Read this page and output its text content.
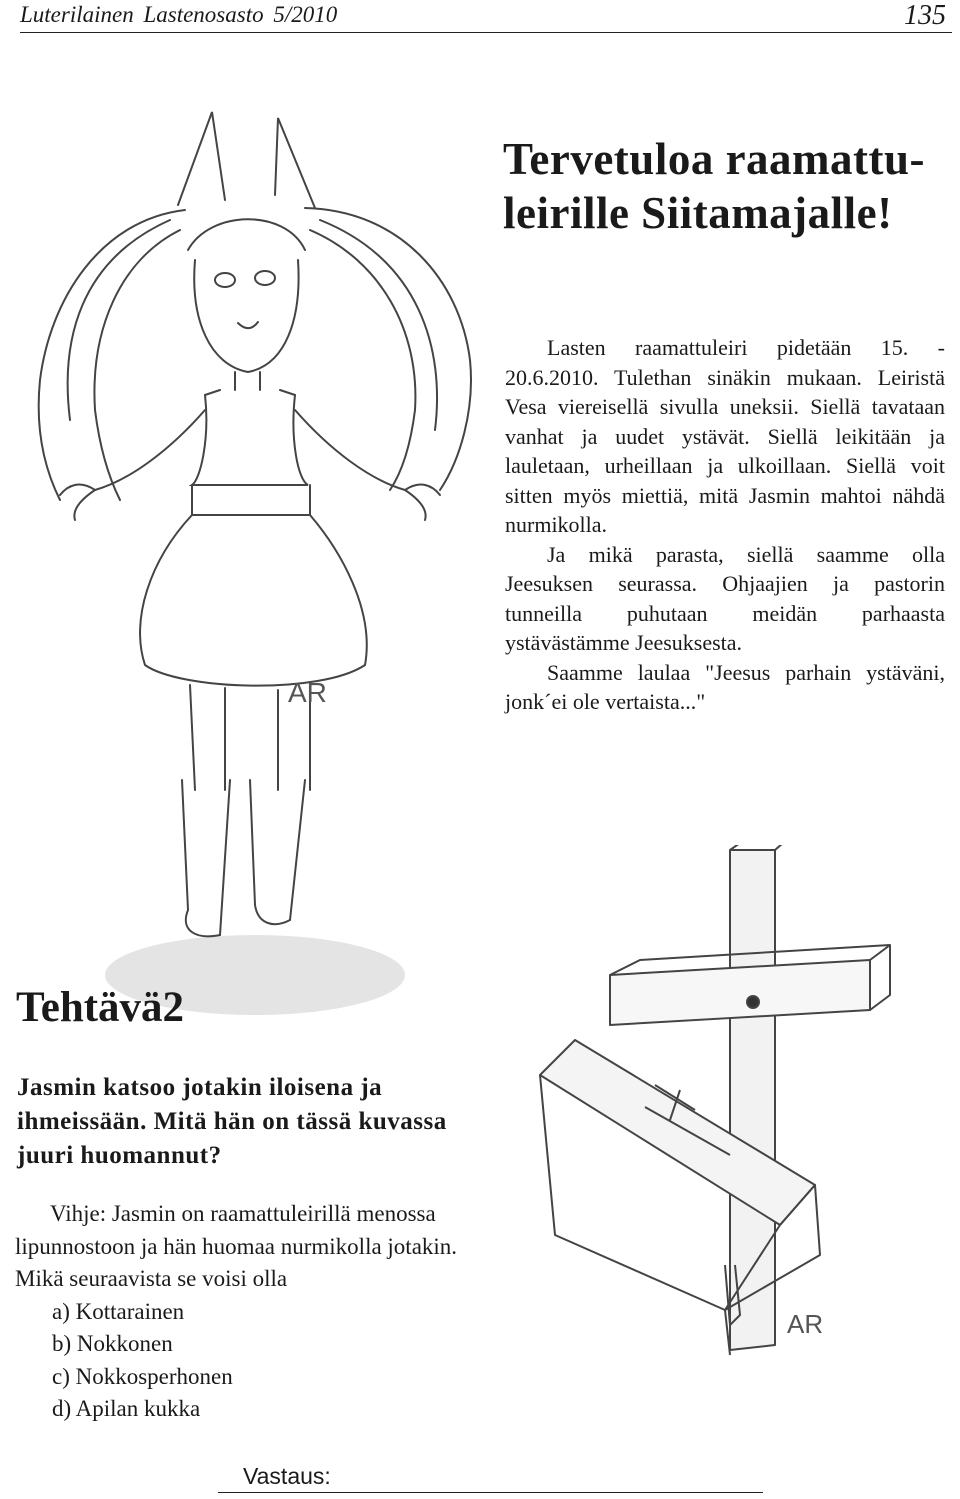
Luterilainen Lastenosasto 5/2010	135
AR
Tervetuloa raamattu-
leirille Siitamajalle!

Lasten raamattuleiri pidetään 15. - 20.6.2010. Tulethan sinäkin mukaan. Leiristä Vesa viereisellä sivulla uneksii. Siellä tavataan vanhat ja uudet ystävät. Siellä leikitään ja lauletaan, urheillaan ja ulkoillaan. Siellä voit sitten myös miettiä, mitä Jasmin mahtoi nähdä nurmikolla.

Ja mikä parasta, siellä saamme olla Jeesuksen seurassa. Ohjaajien ja pastorin tunneilla puhutaan meidän parhaasta ystävästämme Jeesuksesta.

Saamme laulaa "Jeesus parhain ystäväni, jonk´ei ole vertaista..."

AR
Tehtävä2
Jasmin katsoo jotakin iloisena ja ihmeissään. Mitä hän on tässä kuvassa juuri huomannut?

Vihje: Jasmin on raamattuleirillä menossa lipunnostoon ja hän huomaa nurmikolla jotakin. Mikä seuraavista se voisi olla

a) Kottarainen
b) Nokkonen
c) Nokkosperhonen
d) Apilan kukka
Vastaus:
